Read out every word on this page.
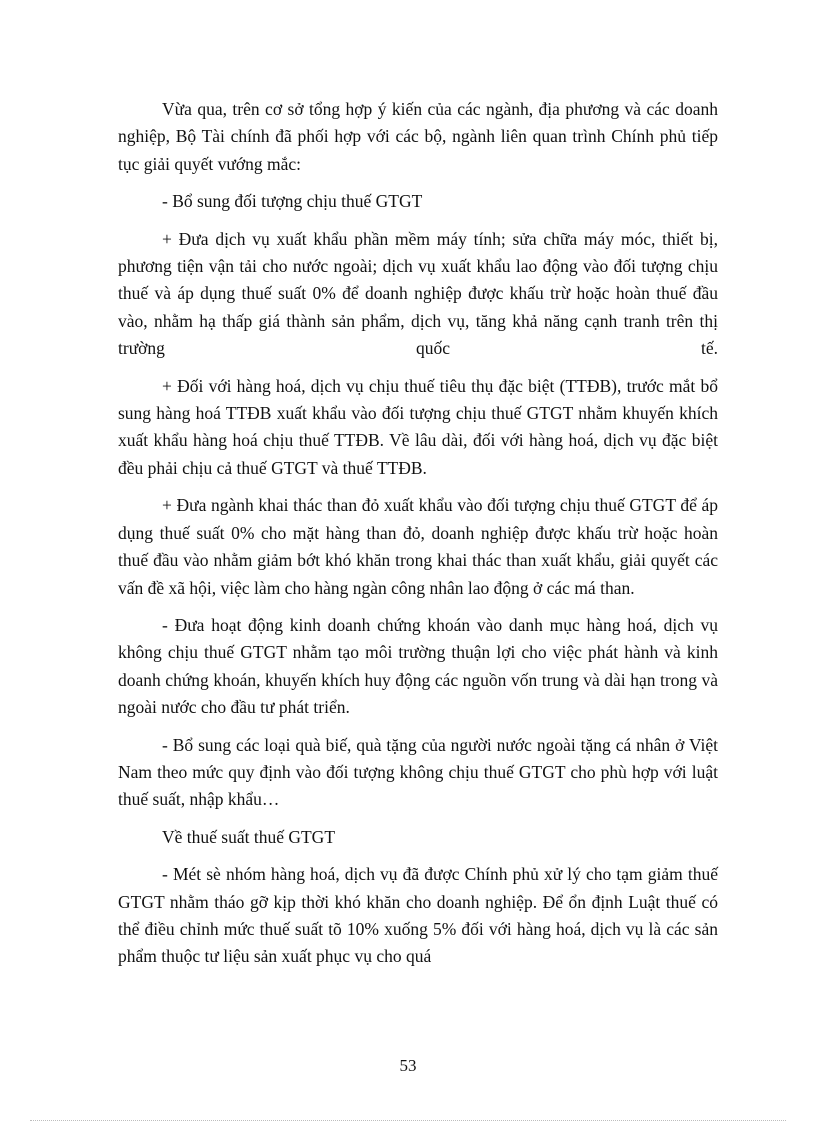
Vừa qua, trên cơ sở tổng hợp ý kiến của các ngành, địa phương và các doanh nghiệp, Bộ Tài chính đã phối hợp với các bộ, ngành liên quan trình Chính phủ tiếp tục giải quyết vướng mắc:

- Bổ sung đối tượng chịu thuế GTGT

+ Đưa dịch vụ xuất khẩu phần mềm máy tính; sửa chữa máy móc, thiết bị, phương tiện vận tải cho nước ngoài; dịch vụ xuất khẩu lao động vào đối tượng chịu thuế và áp dụng thuế suất 0% để doanh nghiệp được khấu trừ hoặc hoàn thuế đầu vào, nhằm hạ thấp giá thành sản phẩm, dịch vụ, tăng khả năng cạnh tranh trên thị trường quốc tế.

+ Đối với hàng hoá, dịch vụ chịu thuế tiêu thụ đặc biệt (TTĐB), trước mắt bổ sung hàng hoá TTĐB xuất khẩu vào đối tượng chịu thuế GTGT nhằm khuyến khích xuất khẩu hàng hoá chịu thuế TTĐB. Về lâu dài, đối với hàng hoá, dịch vụ đặc biệt đều phải chịu cả thuế GTGT và thuế TTĐB.

+ Đưa ngành khai thác than đỏ xuất khẩu vào đối tượng chịu thuế GTGT để áp dụng thuế suất 0% cho mặt hàng than đỏ, doanh nghiệp được khấu trừ hoặc hoàn thuế đầu vào nhằm giảm bớt khó khăn trong khai thác than xuất khẩu, giải quyết các vấn đề xã hội, việc làm cho hàng ngàn công nhân lao động ở các má than.

- Đưa hoạt động kinh doanh chứng khoán vào danh mục hàng hoá, dịch vụ không chịu thuế GTGT nhằm tạo môi trường thuận lợi cho việc phát hành và kinh doanh chứng khoán, khuyến khích huy động các nguồn vốn trung và dài hạn trong và ngoài nước cho đầu tư phát triển.

- Bổ sung các loại quà biế, quà tặng của người nước ngoài tặng cá nhân ở Việt Nam theo mức quy định vào đối tượng không chịu thuế GTGT cho phù hợp với luật thuế suất, nhập khẩu…

Về thuế suất thuế GTGT

- Mét sè nhóm hàng hoá, dịch vụ đã được Chính phủ xử lý cho tạm giảm thuế GTGT nhằm tháo gỡ kịp thời khó khăn cho doanh nghiệp. Để ổn định Luật thuế có thể điều chỉnh mức thuế suất tõ 10% xuống 5% đối với hàng hoá, dịch vụ là các sản phẩm thuộc tư liệu sản xuất phục vụ cho quá

53
